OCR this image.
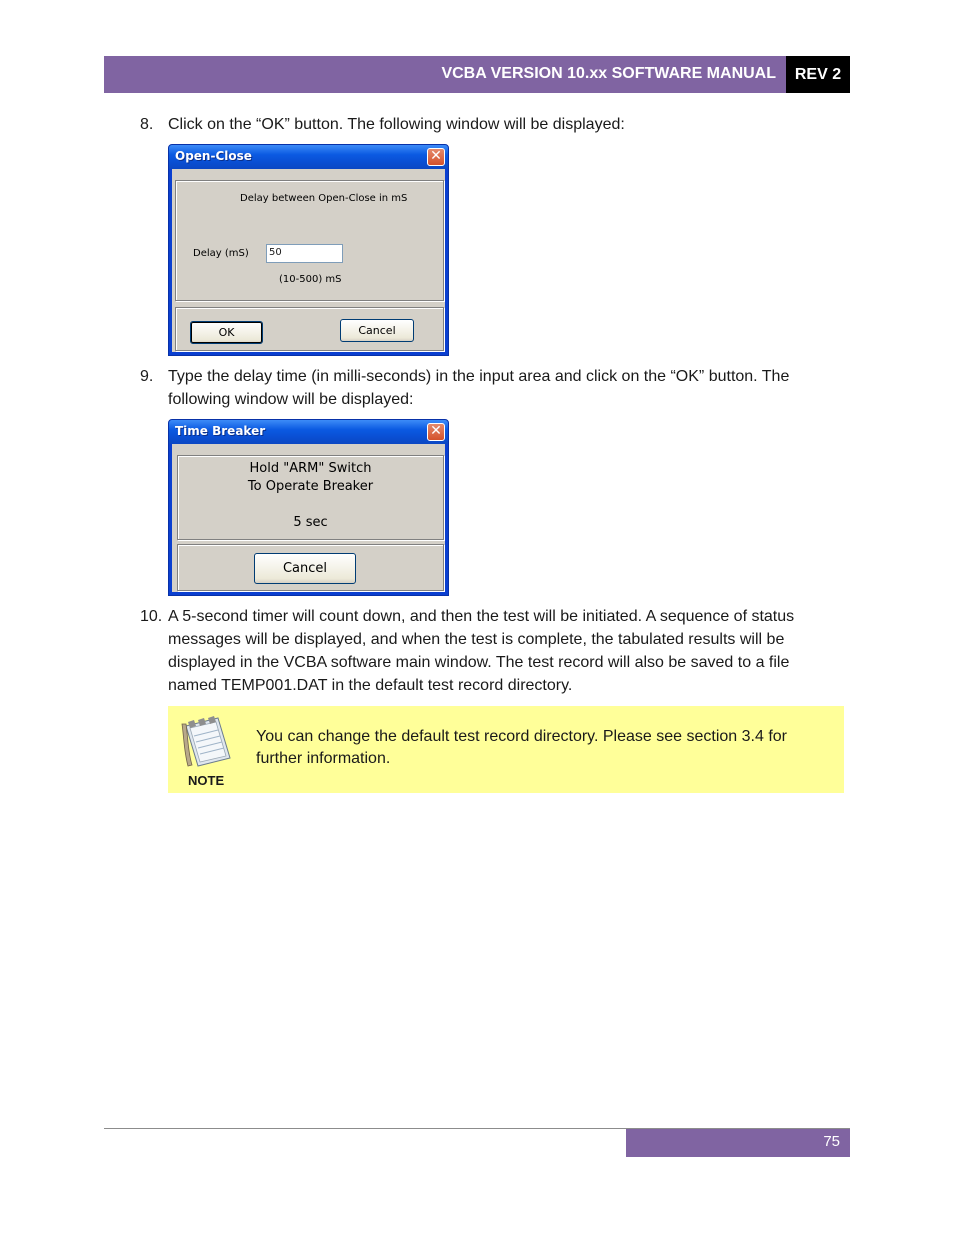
VCBA VERSION 10.xx SOFTWARE MANUAL	REV 2
8. Click on the “OK” button. The following window will be displayed:
Open-Close	✕
Delay between Open-Close in mS
Delay (mS)	50
(10-500) mS
OK	Cancel
9. Type the delay time (in milli-seconds) in the input area and click on the “OK” button. The following window will be displayed:
Time Breaker	✕
Hold "ARM" Switch
To Operate Breaker
5 sec
Cancel
10. A 5-second timer will count down, and then the test will be initiated. A sequence of status messages will be displayed, and when the test is complete, the tabulated results will be displayed in the VCBA software main window. The test record will also be saved to a file named TEMP001.DAT in the default test record directory.
NOTE
You can change the default test record directory. Please see section 3.4 for further information.
75
